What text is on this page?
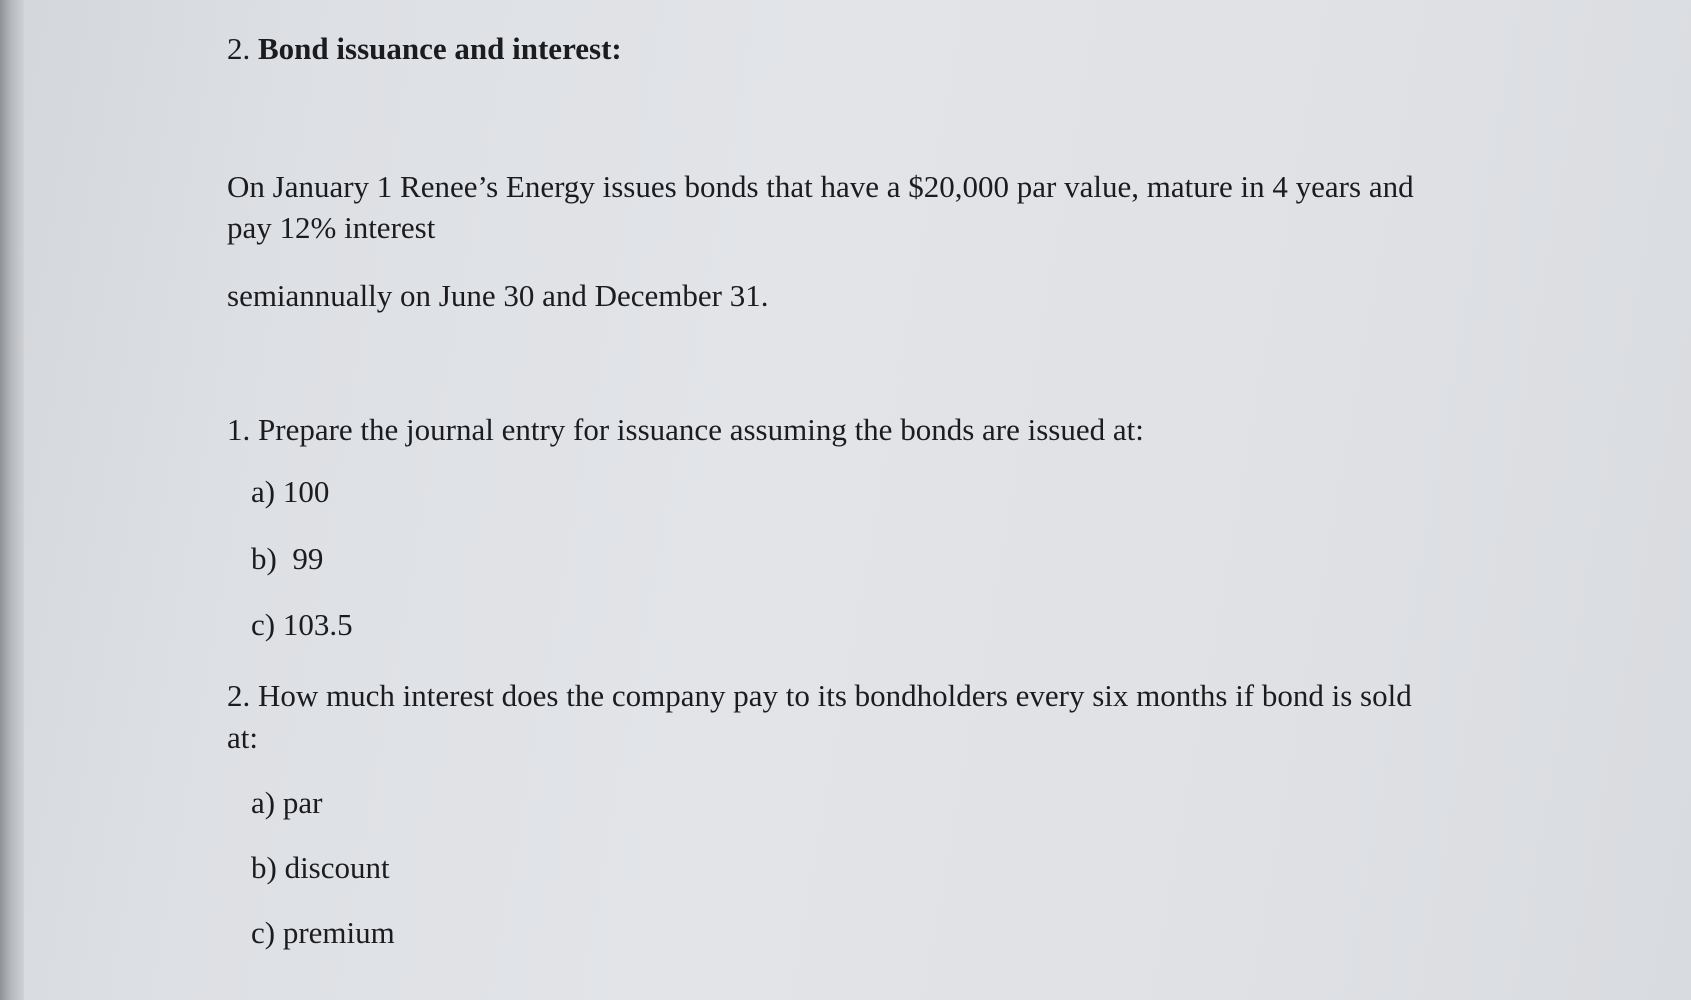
2. Bond issuance and interest:
On January 1 Renee’s Energy issues bonds that have a $20,000 par value, mature in 4 years and
pay 12% interest
semiannually on June 30 and December 31.
1. Prepare the journal entry for issuance assuming the bonds are issued at:
a) 100
b)  99
c) 103.5
2. How much interest does the company pay to its bondholders every six months if bond is sold
at:
a) par
b) discount
c) premium
